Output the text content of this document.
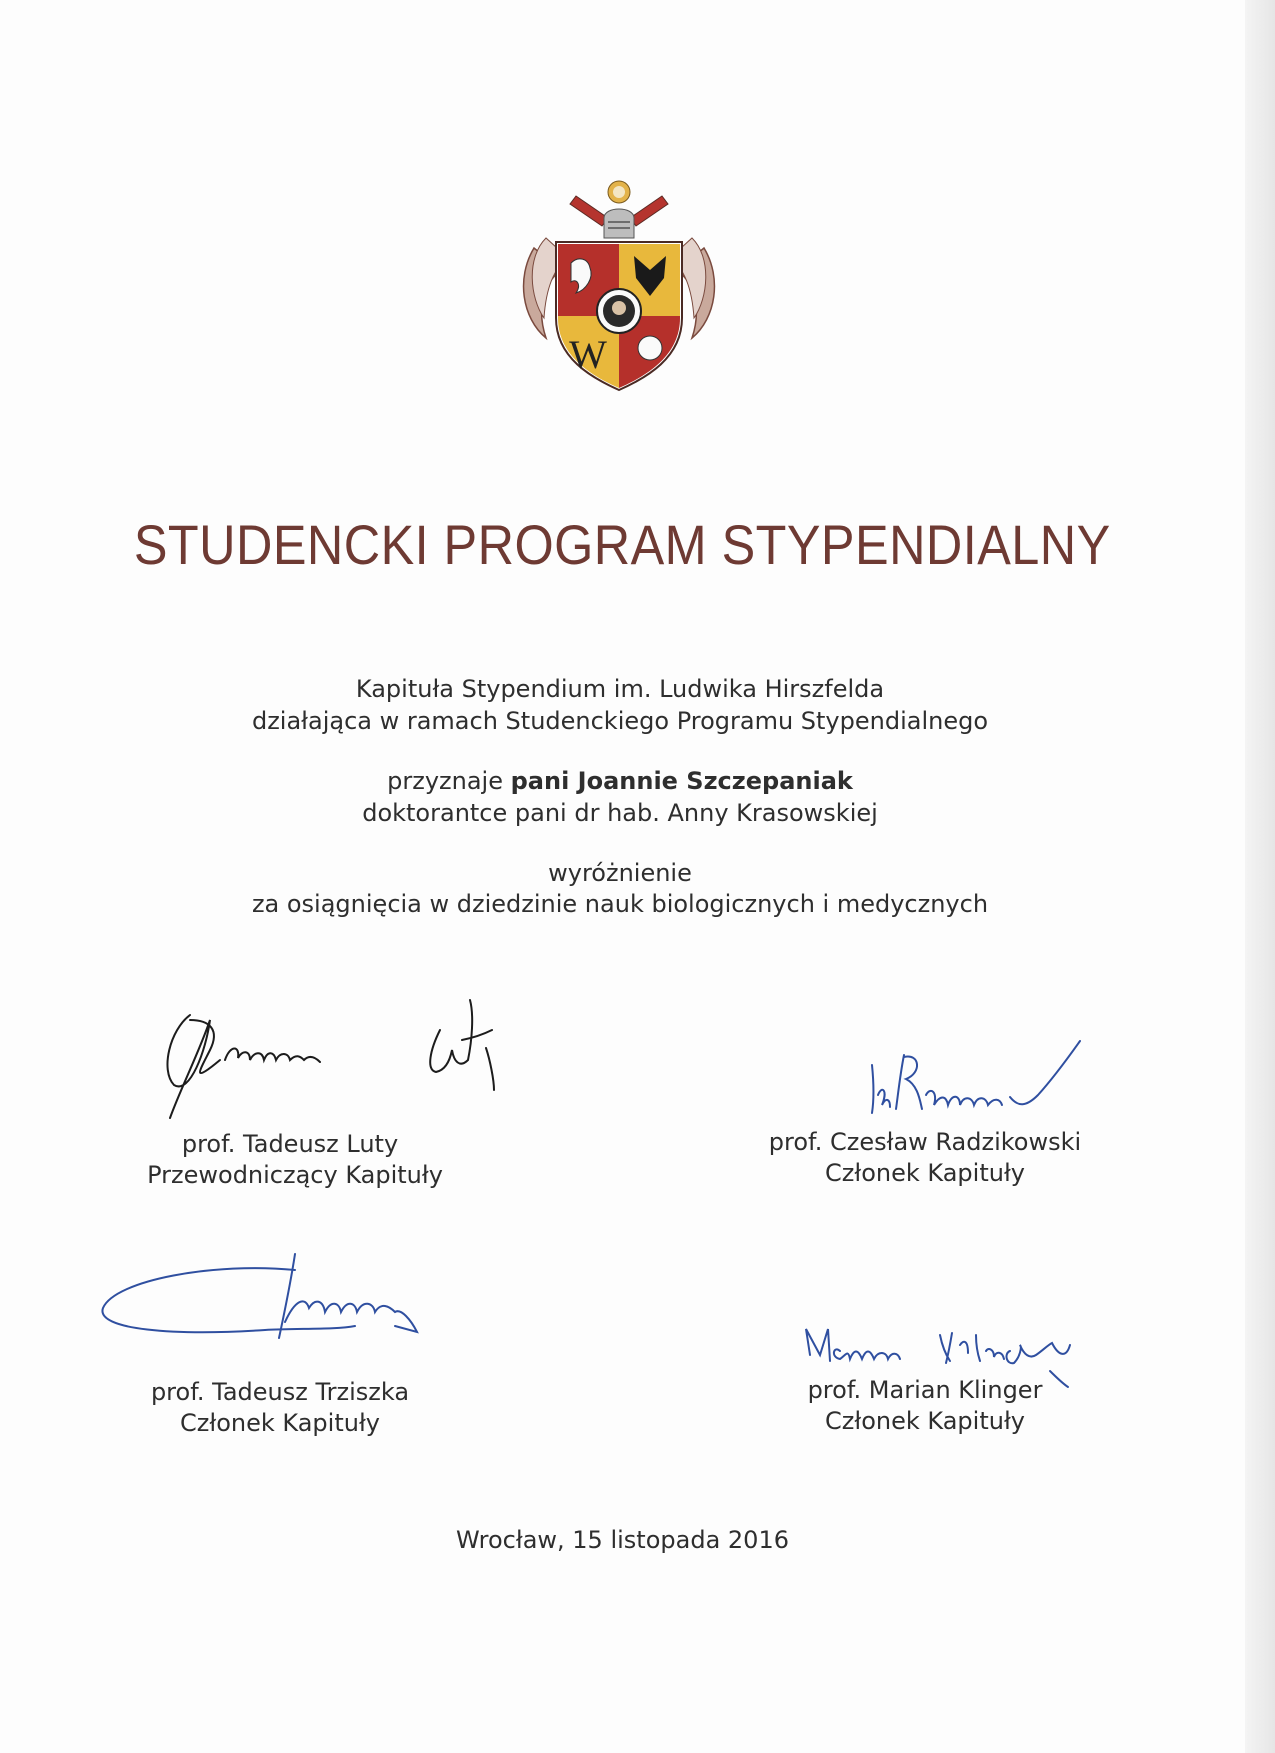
W
STUDENCKI PROGRAM STYPENDIALNY
Kapituła Stypendium im. Ludwika Hirszfelda
działająca w ramach Studenckiego Programu Stypendialnego
przyznaje pani Joannie Szczepaniak
doktorantce pani dr hab. Anny Krasowskiej
wyróżnienie
za osiągnięcia w dziedzinie nauk biologicznych i medycznych
prof. Tadeusz Luty
Przewodniczący Kapituły
prof. Czesław Radzikowski
Członek Kapituły
prof. Tadeusz Trziszka
Członek Kapituły
prof. Marian Klinger
Członek Kapituły
Wrocław, 15 listopada 2016
